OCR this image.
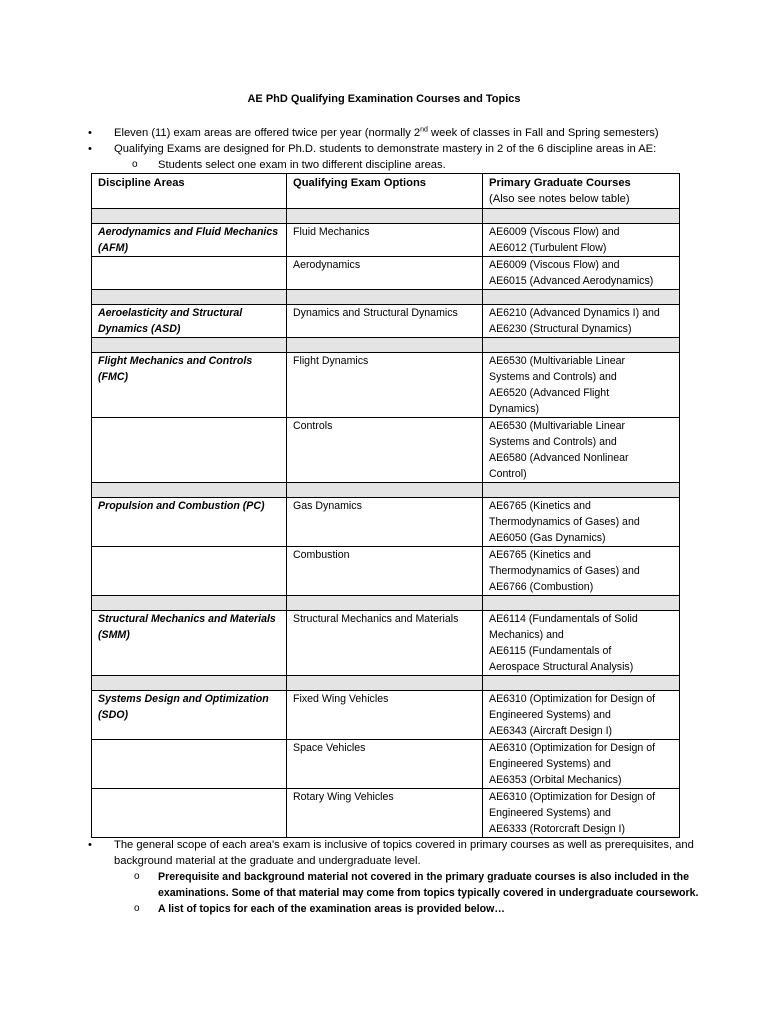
AE PhD Qualifying Examination Courses and Topics
• Eleven (11) exam areas are offered twice per year (normally 2nd week of classes in Fall and Spring semesters)
• Qualifying Exams are designed for Ph.D. students to demonstrate mastery in 2 of the 6 discipline areas in AE:
o Students select one exam in two different discipline areas.
Discipline Areas	Qualifying Exam Options	Primary Graduate Courses
(Also see notes below table)

Aerodynamics and Fluid Mechanics (AFM)	Fluid Mechanics	AE6009 (Viscous Flow) and
AE6012 (Turbulent Flow)

	Aerodynamics	AE6009 (Viscous Flow) and
AE6015 (Advanced Aerodynamics)

Aeroelasticity and Structural Dynamics (ASD)	Dynamics and Structural Dynamics	AE6210 (Advanced Dynamics I) and
AE6230 (Structural Dynamics)

Flight Mechanics and Controls (FMC)	Flight Dynamics	AE6530 (Multivariable Linear
Systems and Controls) and
AE6520 (Advanced Flight
Dynamics)

	Controls	AE6530 (Multivariable Linear
Systems and Controls) and
AE6580 (Advanced Nonlinear
Control)

Propulsion and Combustion (PC)	Gas Dynamics	AE6765 (Kinetics and
Thermodynamics of Gases) and
AE6050 (Gas Dynamics)

	Combustion	AE6765 (Kinetics and
Thermodynamics of Gases) and
AE6766 (Combustion)

Structural Mechanics and Materials (SMM)	Structural Mechanics and Materials	AE6114 (Fundamentals of Solid
Mechanics) and
AE6115 (Fundamentals of
Aerospace Structural Analysis)

Systems Design and Optimization (SDO)	Fixed Wing Vehicles	AE6310 (Optimization for Design of
Engineered Systems) and
AE6343 (Aircraft Design I)

	Space Vehicles	AE6310 (Optimization for Design of
Engineered Systems) and
AE6353 (Orbital Mechanics)

	Rotary Wing Vehicles	AE6310 (Optimization for Design of
Engineered Systems) and
AE6333 (Rotorcraft Design I)
• The general scope of each area's exam is inclusive of topics covered in primary courses as well as prerequisites, and background material at the graduate and undergraduate level.
o Prerequisite and background material not covered in the primary graduate courses is also included in the examinations. Some of that material may come from topics typically covered in undergraduate coursework.
o A list of topics for each of the examination areas is provided below…
